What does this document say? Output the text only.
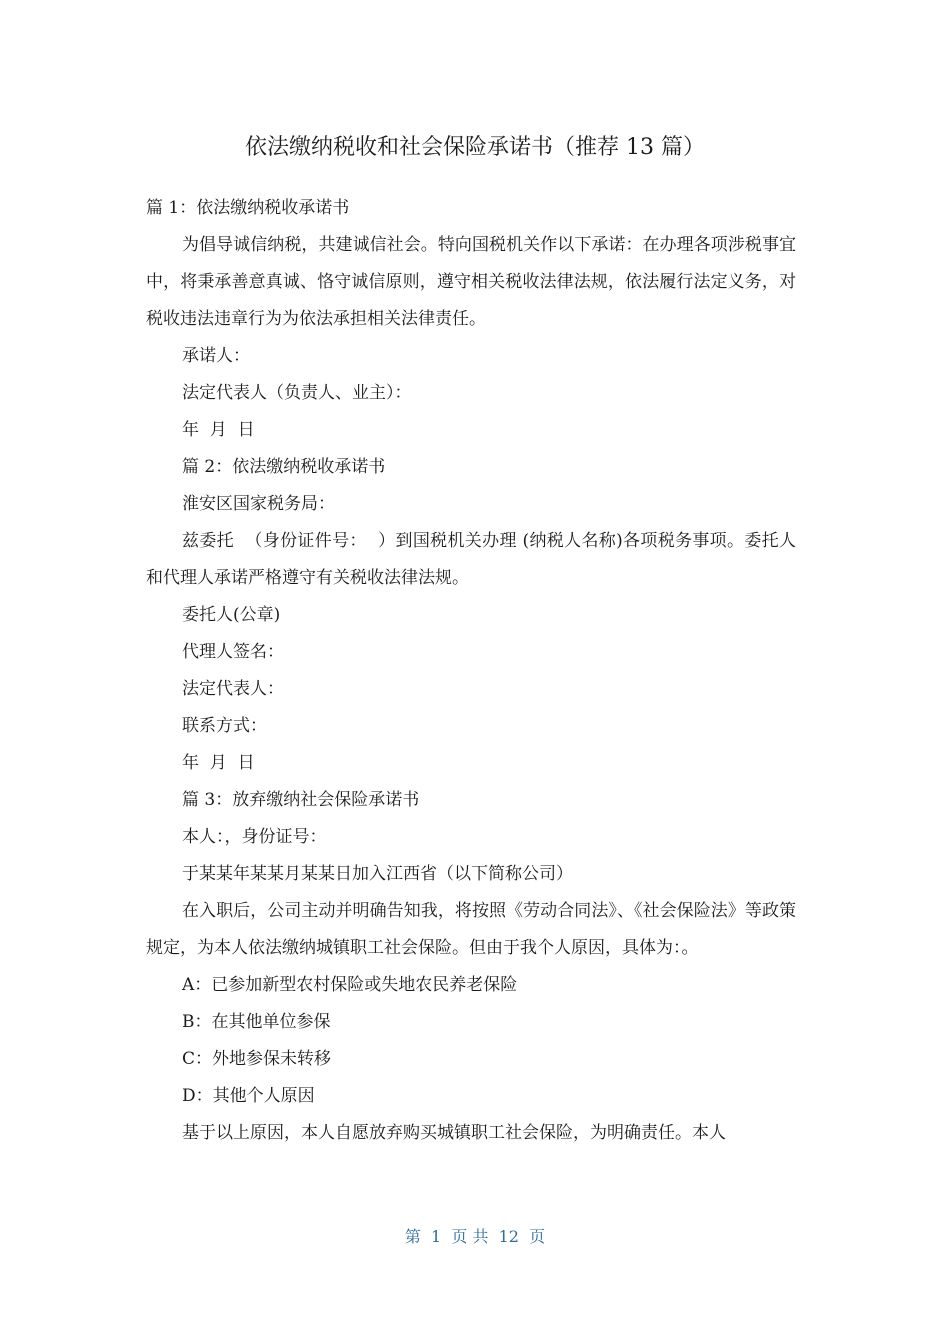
依法缴纳税收和社会保险承诺书（推荐 13 篇）

篇 1：依法缴纳税收承诺书

为倡导诚信纳税，共建诚信社会。特向国税机关作以下承诺：在办理各项涉税事宜中，将秉承善意真诚、恪守诚信原则，遵守相关税收法律法规，依法履行法定义务，对税收违法违章行为为依法承担相关法律责任。

承诺人：

法定代表人（负责人、业主）：

年  月  日

篇 2：依法缴纳税收承诺书

淮安区国家税务局：

兹委托  （身份证件号：  ）到国税机关办理 (纳税人名称)各项税务事项。委托人和代理人承诺严格遵守有关税收法律法规。

委托人(公章)

代理人签名：

法定代表人：

联系方式：

年  月  日

篇 3：放弃缴纳社会保险承诺书

本人：，身份证号：

于某某年某某月某某日加入江西省（以下简称公司）

在入职后，公司主动并明确告知我，将按照《劳动合同法》、《社会保险法》等政策规定，为本人依法缴纳城镇职工社会保险。但由于我个人原因，具体为：。

A：已参加新型农村保险或失地农民养老保险

B：在其他单位参保

C：外地参保未转移

D：其他个人原因

基于以上原因，本人自愿放弃购买城镇职工社会保险，为明确责任。本人

第  1  页 共  12  页
